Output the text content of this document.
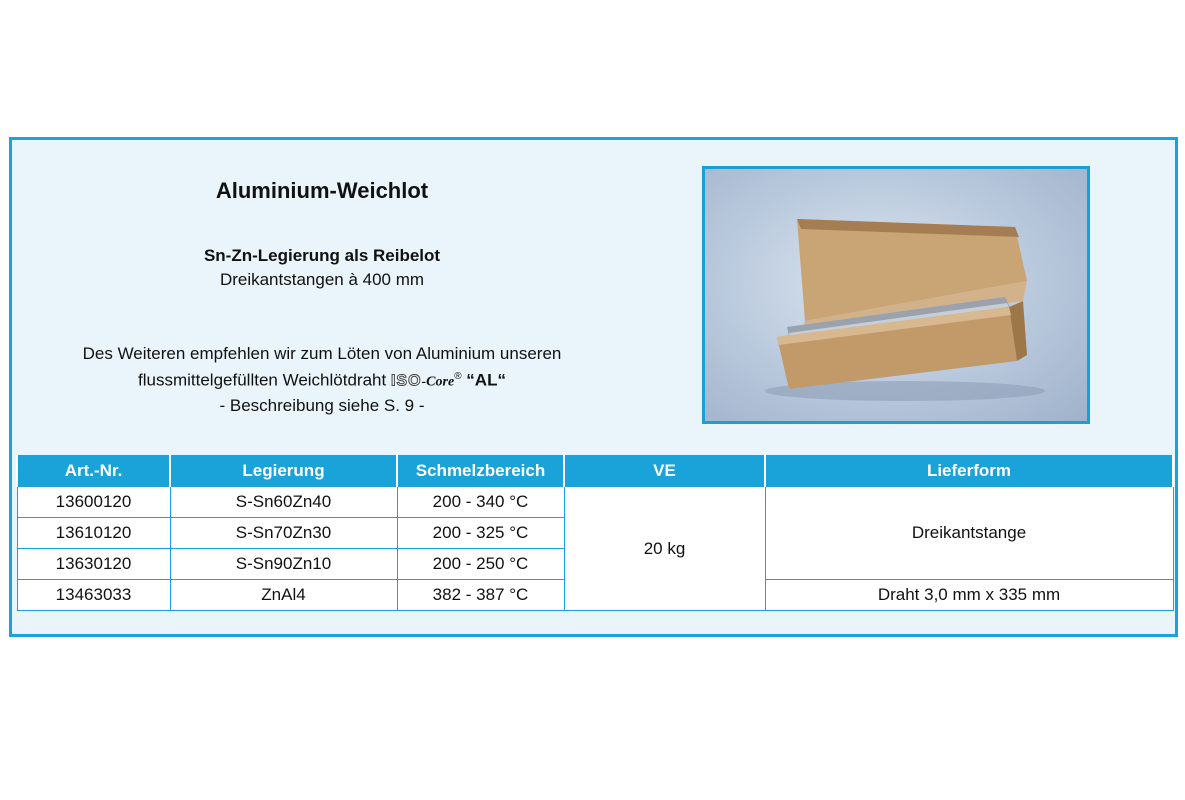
Aluminium-Weichlot
Sn-Zn-Legierung als Reibelot
Dreikantstangen à 400 mm
Des Weiteren empfehlen wir zum Löten von Aluminium unseren
flussmittelgefüllten Weichlötdraht ISO-Core® “AL“
- Beschreibung siehe S. 9 -
Art.-Nr.	Legierung	Schmelzbereich	VE	Lieferform
13600120	S-Sn60Zn40	200 - 340 °C	20 kg	Dreikantstange
13610120	S-Sn70Zn30	200 - 325 °C		
13630120	S-Sn90Zn10	200 - 250 °C		
13463033	ZnAl4	382 - 387 °C		Draht 3,0 mm x 335 mm
